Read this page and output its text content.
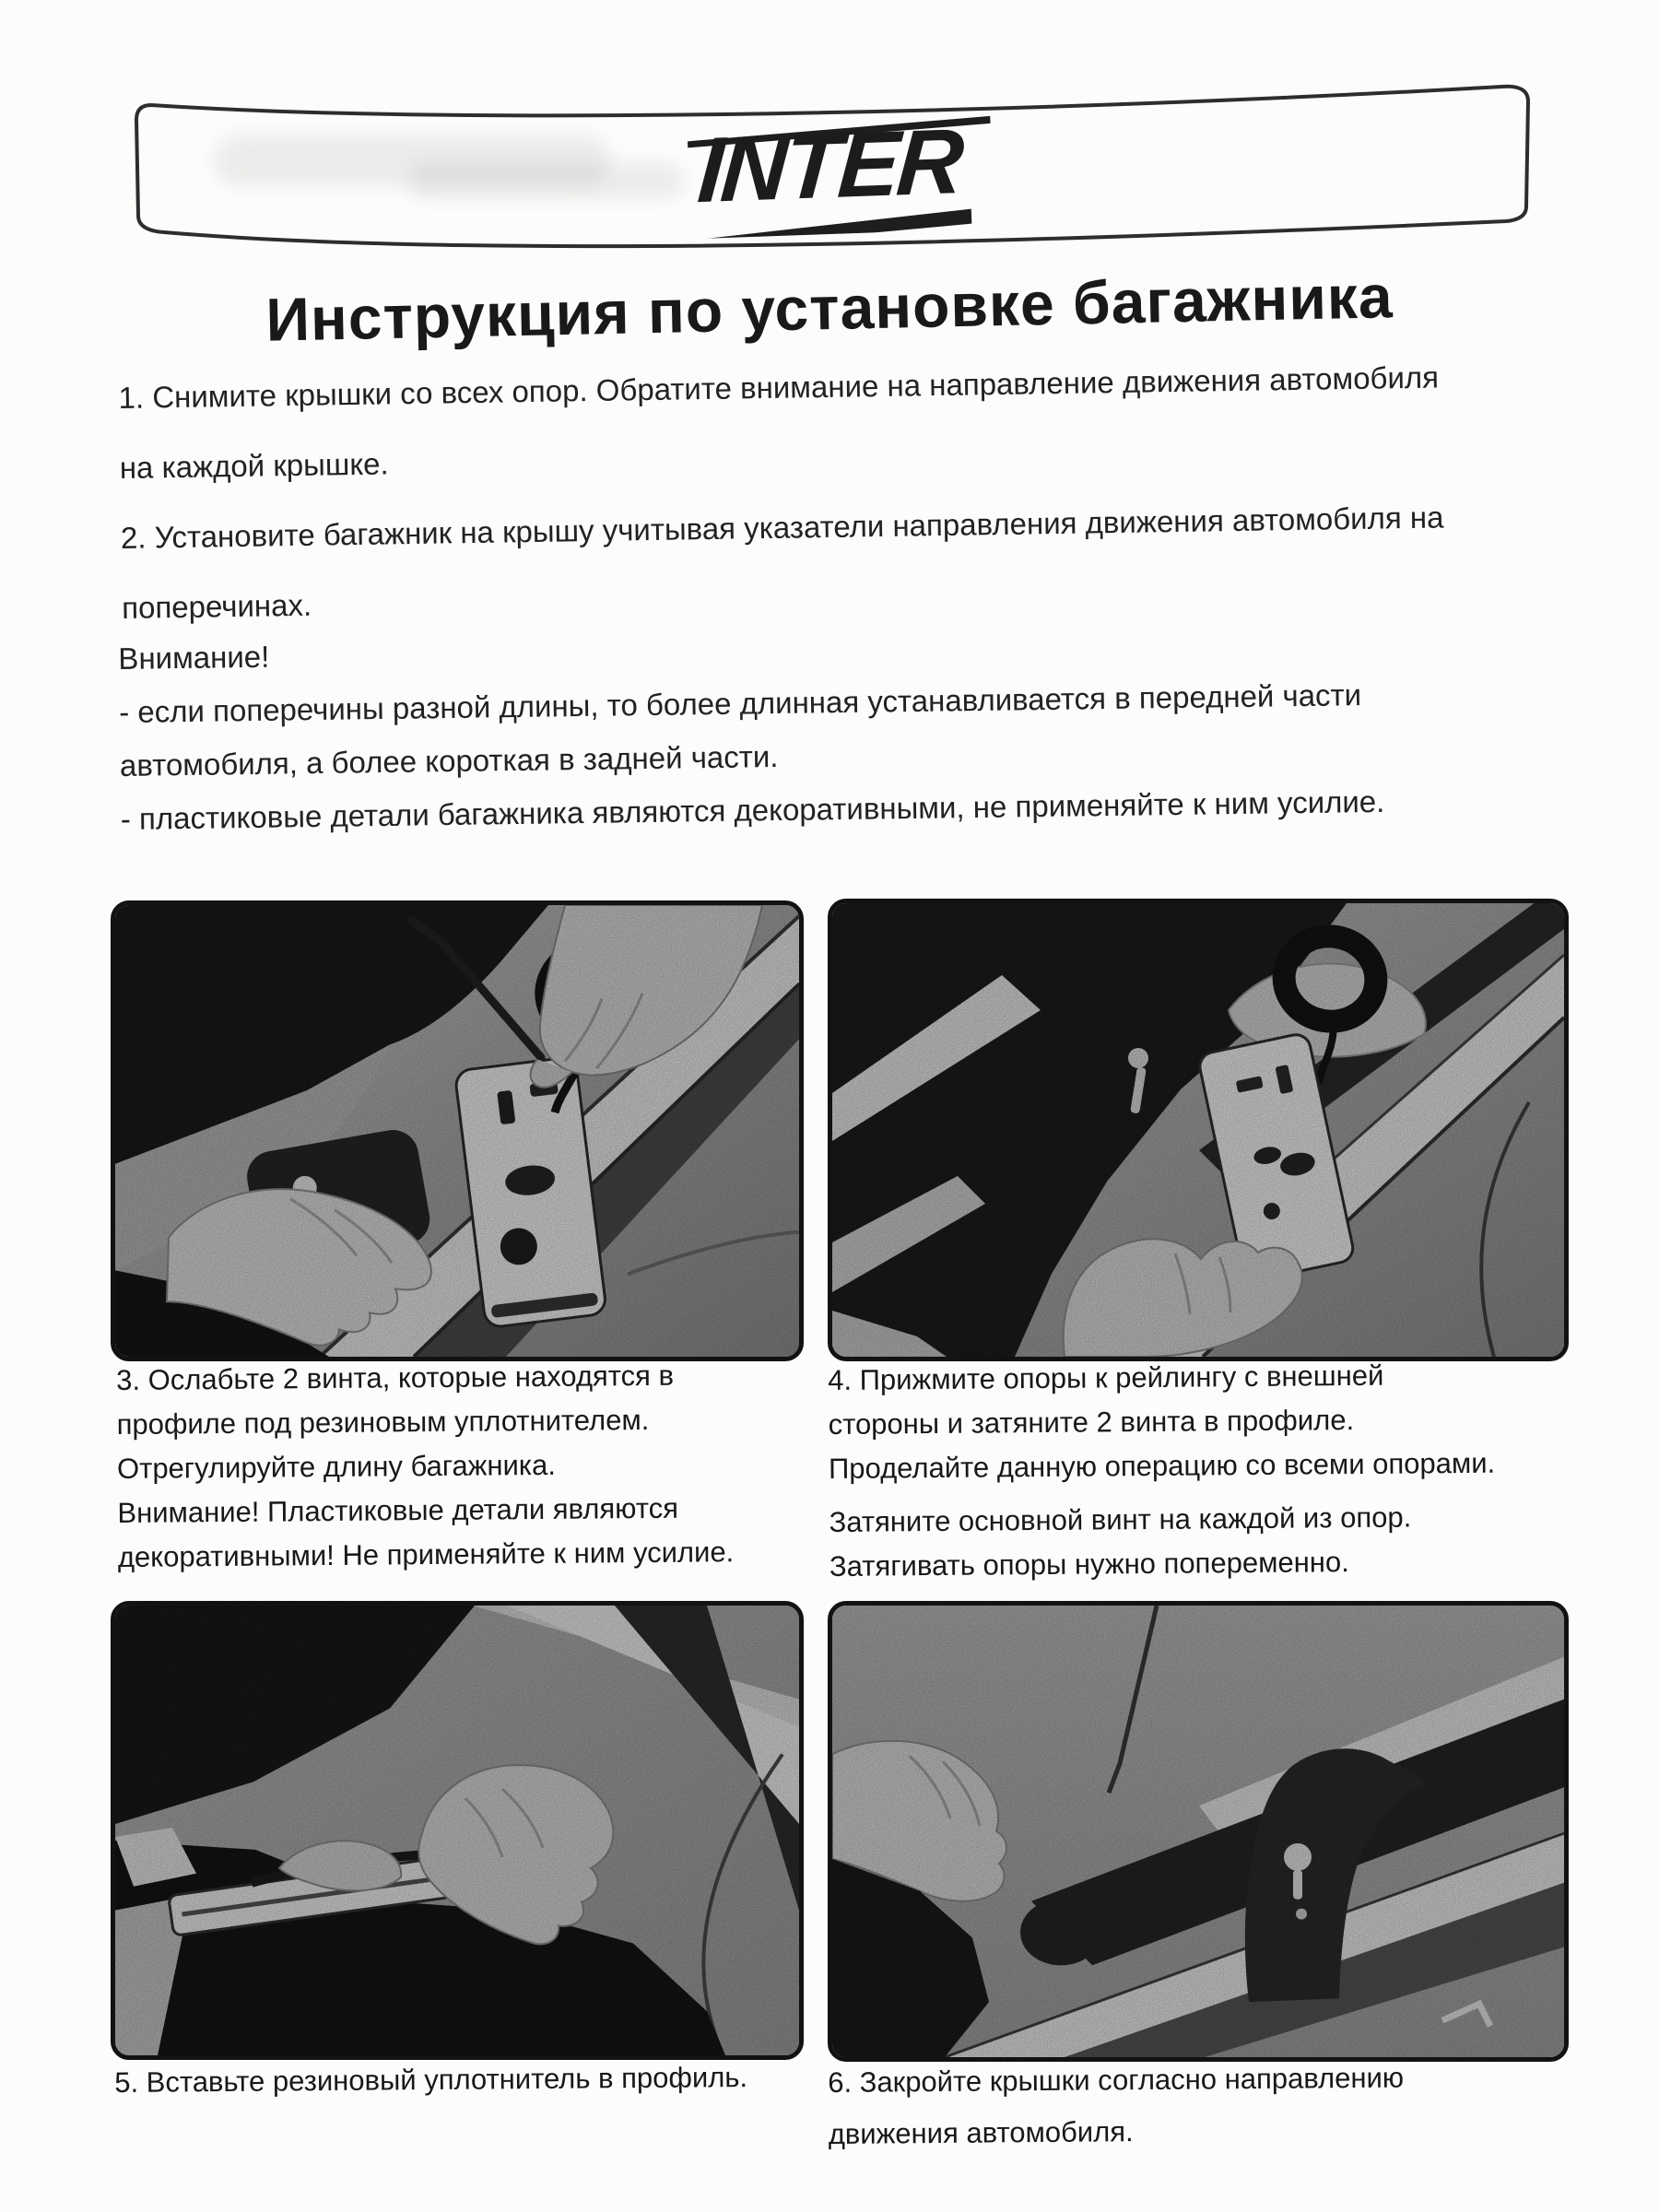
INTER
Инструкция по установке багажника

1. Снимите крышки со всех опор. Обратите внимание на направление движения автомобиля
на каждой крышке.

2. Установите багажник на крышу учитывая указатели направления движения автомобиля на
поперечинах.

Внимание!

- если поперечины разной длины, то более длинная устанавливается в передней части
автомобиля, а более короткая в задней части.

- пластиковые детали багажника являются декоративными, не применяйте к ним усилие.

3. Ослабьте 2 винта, которые находятся в
профиле под резиновым уплотнителем.
Отрегулируйте длину багажника.
Внимание! Пластиковые детали являются
декоративными! Не применяйте к ним усилие.

4. Прижмите опоры к рейлингу с внешней
стороны и затяните 2 винта в профиле.
Проделайте данную операцию со всеми опорами.

Затяните основной винт на каждой из опор.
Затягивать опоры нужно попеременно.

5. Вставьте резиновый уплотнитель в профиль.	6. Закройте крышки согласно направлению
движения автомобиля.
